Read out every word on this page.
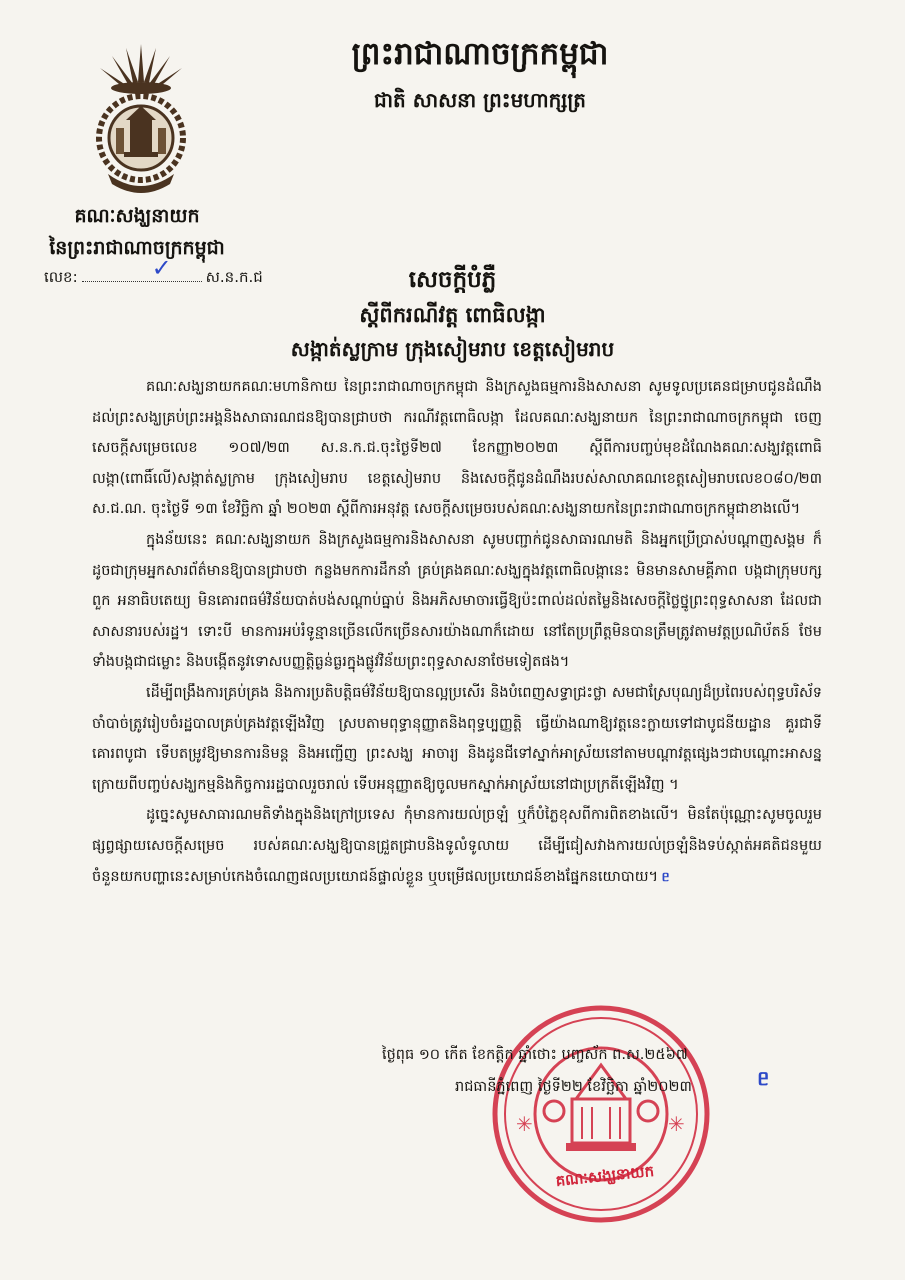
ព្រះរាជាណាចក្រកម្ពុជា
ជាតិ សាសនា ព្រះមហាក្សត្រ
គណៈសង្ឃនាយក
នៃព្រះរាជាណាចក្រកម្ពុជា
លេខ:	✓ ស.ន.ក.ជ	សេចក្តីបំភ្លឺ
ស្តីពីករណីវត្ត ពោធិលង្កា
សង្កាត់ស្លក្រាម ក្រុងសៀមរាប ខេត្តសៀមរាប

គណៈសង្ឃនាយកគណៈមហានិកាយ នៃព្រះរាជាណាចក្រកម្ពុជា និងក្រសួងធម្មការនិងសាសនា សូមទូលប្រគេនជម្រាបជូនដំណឹង ដល់ព្រះសង្ឃគ្រប់ព្រះអង្គនិងសាធារណជនឱ្យបានជ្រាបថា ករណីវត្តពោធិលង្កា ដែលគណៈសង្ឃនាយក នៃព្រះរាជាណាចក្រកម្ពុជា ចេញសេចក្តីសម្រេចលេខ ១០៧/២៣ ស.ន.ក.ជ.ចុះថ្ងៃទី២៧ ខែកញ្ញា២០២៣ ស្តីពីការបញ្ចប់មុខដំណែងគណៈសង្ឃវត្តពោធិលង្កា(ពោធិ៍លើ)សង្កាត់ស្លក្រាម ក្រុងសៀមរាប ខេត្តសៀមរាប និងសេចក្តីជូនដំណឹងរបស់សាលាគណខេត្តសៀមរាបលេខ០៨០/២៣ ស.ជ.ណ. ចុះថ្ងៃទី ១៣ ខែវិច្ឆិកា ឆ្នាំ ២០២៣ ស្តីពីការអនុវត្ត សេចក្តីសម្រេចរបស់គណៈសង្ឃនាយកនៃព្រះរាជាណាចក្រកម្ពុជាខាងលើ។

ក្នុងន័យនេះ គណៈសង្ឃនាយក និងក្រសួងធម្មការនិងសាសនា សូមបញ្ជាក់ជូនសាធារណមតិ និងអ្នកប្រើប្រាស់បណ្តាញសង្គម ក៏ដូចជាក្រុមអ្នកសារព័ត៌មានឱ្យបានជ្រាបថា កន្លងមកការដឹកនាំ គ្រប់គ្រងគណៈសង្ឃក្នុងវត្តពោធិលង្កានេះ មិនមានសាមគ្គីភាព បង្កជាក្រុមបក្សពួក អនាធិបតេយ្យ មិនគោរពធម៌វិន័យបាត់បង់សណ្តាប់ធ្នាប់ និងអភិសមាចារធ្វើឱ្យប៉ះពាល់ដល់តម្លៃនិងសេចក្តីថ្លៃថ្នូព្រះពុទ្ធសាសនា ដែលជាសាសនារបស់រដ្ឋ។ ទោះបី មានការអប់រំទូន្មានច្រើនលើកច្រើនសារយ៉ាងណាក៏ដោយ នៅតែប្រព្រឹត្តមិនបានត្រឹមត្រូវតាមវត្តប្រណិប័តន៍ ថែមទាំងបង្កជាជម្លោះ និងបង្កើតនូវទោសបញ្ញត្តិធ្ងន់ធ្ងរក្នុងផ្លូវវិន័យព្រះពុទ្ធសាសនាថែមទៀតផង។

ដើម្បីពង្រឹងការគ្រប់គ្រង និងការប្រតិបត្តិធម៌វិន័យឱ្យបានល្អប្រសើរ និងបំពេញសទ្ធាជ្រះថ្លា សមជាស្រែបុណ្យដ៏ប្រពៃរបស់ពុទ្ធបរិស័ទ ចាំបាច់ត្រូវរៀបចំរដ្ឋបាលគ្រប់គ្រងវត្តឡើងវិញ ស្របតាមពុទ្ធានុញ្ញាតនិងពុទ្ធប្បញ្ញត្តិ ធ្វើយ៉ាងណាឱ្យវត្តនេះក្លាយទៅជាបូជនីយដ្ឋាន គួរជាទីគោរពបូជា ទើបតម្រូវឱ្យមានការនិមន្ត និងអញ្ជើញ ព្រះសង្ឃ អាចារ្យ និងដូនជីទៅស្នាក់អាស្រ័យនៅតាមបណ្តាវត្តផ្សេងៗជាបណ្តោះអាសន្ន ក្រោយពីបញ្ចប់សង្ឃកម្មនិងកិច្ចការរដ្ឋបាលរួចរាល់ ទើបអនុញ្ញាតឱ្យចូលមកស្នាក់អាស្រ័យនៅជាប្រក្រតីឡើងវិញ ។

ដូច្នេះសូមសាធារណមតិទាំងក្នុងនិងក្រៅប្រទេស កុំមានការយល់ច្រឡំ ឬក៏បំភ្លៃខុសពីការពិតខាងលើ។ មិនតែប៉ុណ្ណោះសូមចូលរួមផ្សព្វផ្សាយសេចក្តីសម្រេច របស់គណៈសង្ឃឱ្យបានជ្រួតជ្រាបនិងទូលំទូលាយ ដើម្បីជៀសវាងការយល់ច្រឡំនិងទប់ស្កាត់អគតិជនមួយចំនួនយកបញ្ហានេះសម្រាប់កេងចំណេញផលប្រយោជន៍ផ្ទាល់ខ្លួន ឬបម្រើផលប្រយោជន៍ខាងផ្នែកនយោបាយ។ ᥱ

✳	✳
គណៈសង្ឃនាយក
ថ្ងៃពុធ ១០ កើត ខែកត្តិក ឆ្នាំថោះ បញ្ចស័ក ព.ស.២៥៦៧
រាជធានីភ្នំពេញ ថ្ងៃទី២២ ខែវិច្ឆិកា ឆ្នាំ២០២៣	ᥱ
